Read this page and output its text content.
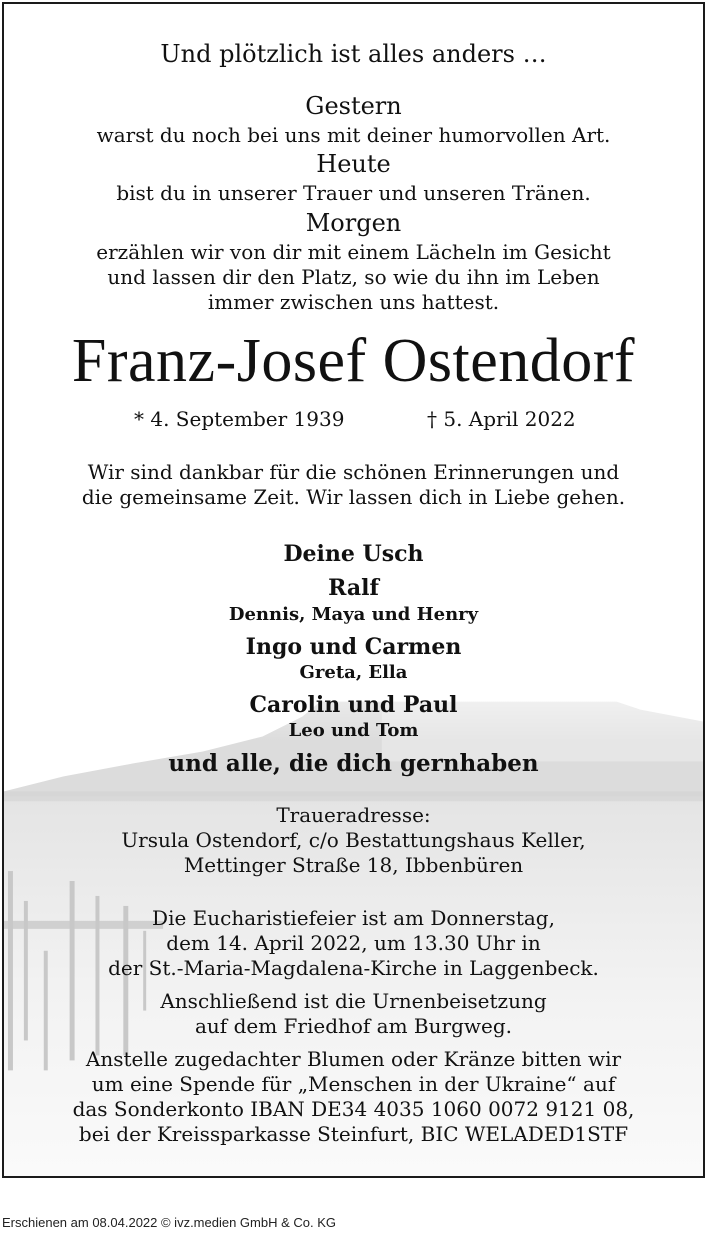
Und plötzlich ist alles anders …
Gestern
warst du noch bei uns mit deiner humorvollen Art.
Heute
bist du in unserer Trauer und unseren Tränen.
Morgen
erzählen wir von dir mit einem Lächeln im Gesicht
und lassen dir den Platz, so wie du ihn im Leben
immer zwischen uns hattest.
Franz-Josef Ostendorf
* 4. September 1939	† 5. April 2022
Wir sind dankbar für die schönen Erinnerungen und
die gemeinsame Zeit. Wir lassen dich in Liebe gehen.
Deine Usch
Ralf
Dennis, Maya und Henry
Ingo und Carmen
Greta, Ella
Carolin und Paul
Leo und Tom
und alle, die dich gernhaben
Traueradresse:
Ursula Ostendorf, c/o Bestattungshaus Keller,
Mettinger Straße 18, Ibbenbüren
Die Eucharistiefeier ist am Donnerstag,
dem 14. April 2022, um 13.30 Uhr in
der St.-Maria-Magdalena-Kirche in Laggenbeck.
Anschließend ist die Urnenbeisetzung
auf dem Friedhof am Burgweg.
Anstelle zugedachter Blumen oder Kränze bitten wir
um eine Spende für „Menschen in der Ukraine“ auf
das Sonderkonto IBAN DE34 4035 1060 0072 9121 08,
bei der Kreissparkasse Steinfurt, BIC WELADED1STF
Erschienen am 08.04.2022 © ivz.medien GmbH & Co. KG
